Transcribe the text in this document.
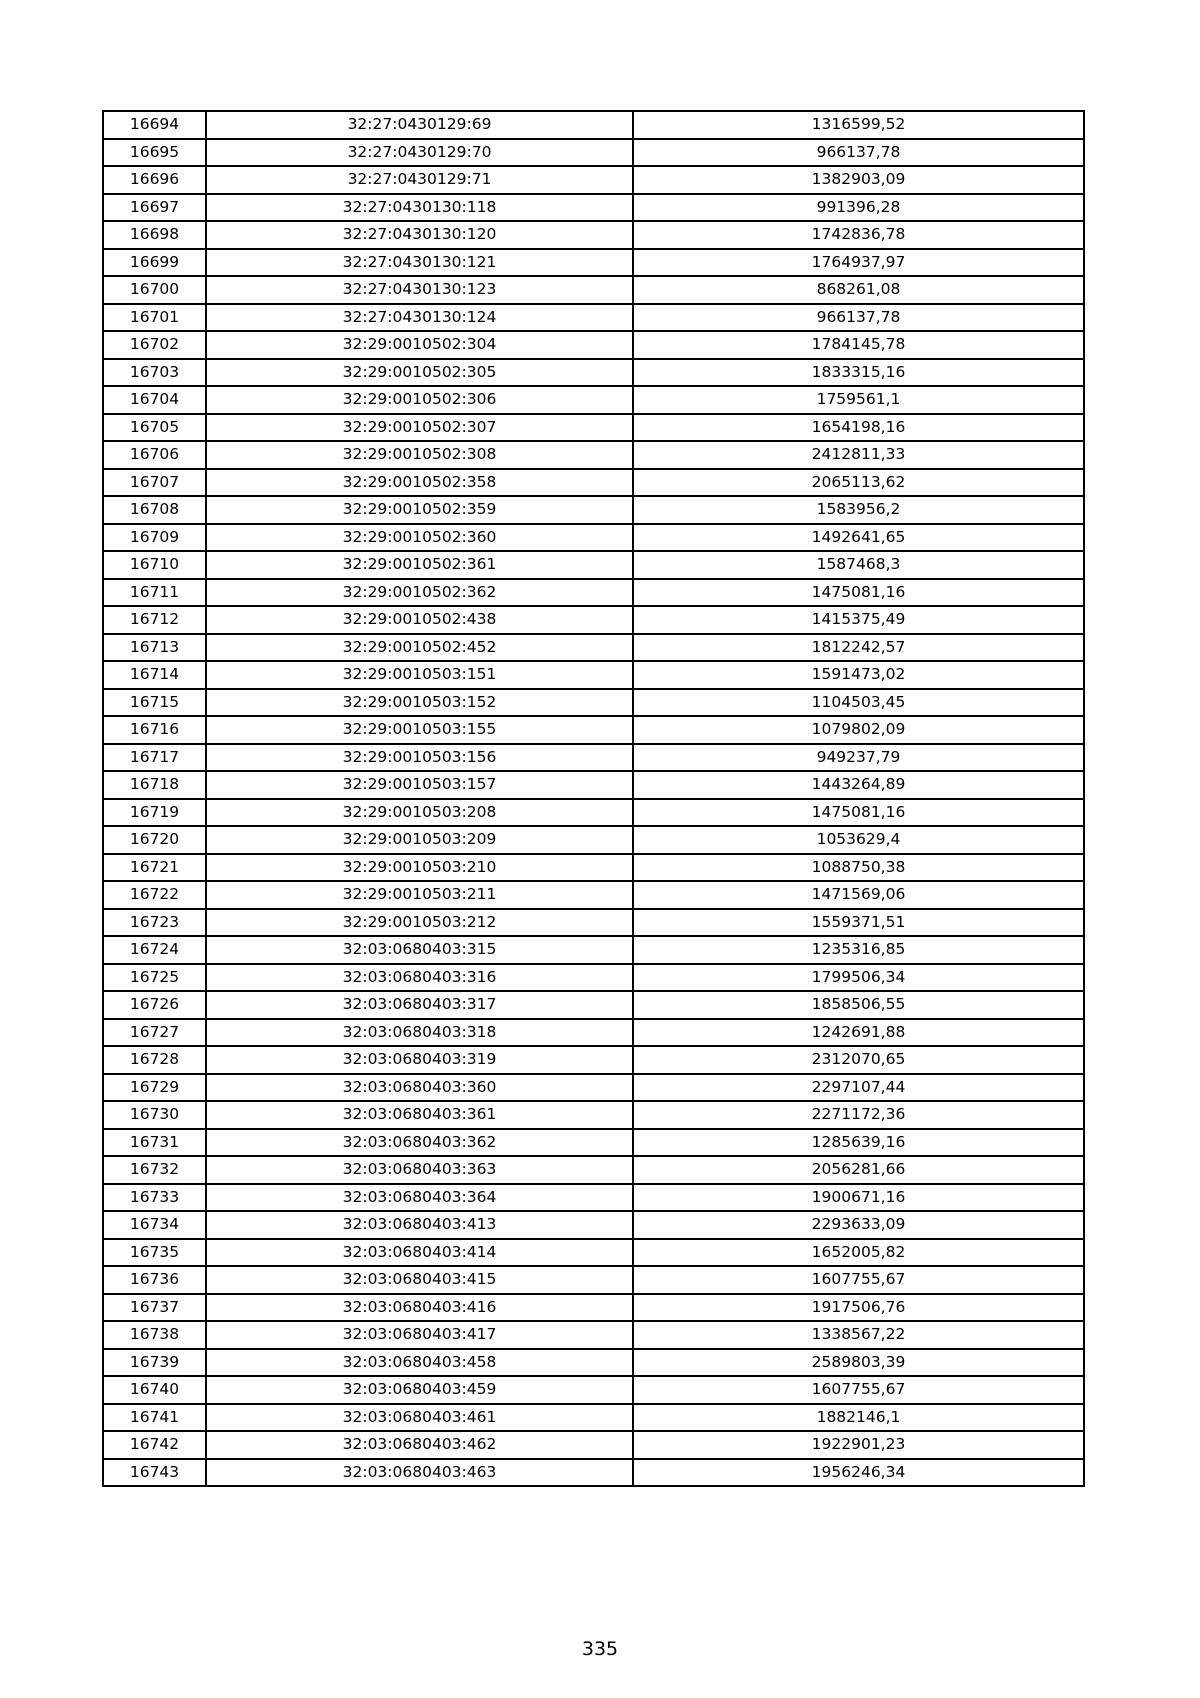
16694	32:27:0430129:69	1316599,52
16695	32:27:0430129:70	966137,78
16696	32:27:0430129:71	1382903,09
16697	32:27:0430130:118	991396,28
16698	32:27:0430130:120	1742836,78
16699	32:27:0430130:121	1764937,97
16700	32:27:0430130:123	868261,08
16701	32:27:0430130:124	966137,78
16702	32:29:0010502:304	1784145,78
16703	32:29:0010502:305	1833315,16
16704	32:29:0010502:306	1759561,1
16705	32:29:0010502:307	1654198,16
16706	32:29:0010502:308	2412811,33
16707	32:29:0010502:358	2065113,62
16708	32:29:0010502:359	1583956,2
16709	32:29:0010502:360	1492641,65
16710	32:29:0010502:361	1587468,3
16711	32:29:0010502:362	1475081,16
16712	32:29:0010502:438	1415375,49
16713	32:29:0010502:452	1812242,57
16714	32:29:0010503:151	1591473,02
16715	32:29:0010503:152	1104503,45
16716	32:29:0010503:155	1079802,09
16717	32:29:0010503:156	949237,79
16718	32:29:0010503:157	1443264,89
16719	32:29:0010503:208	1475081,16
16720	32:29:0010503:209	1053629,4
16721	32:29:0010503:210	1088750,38
16722	32:29:0010503:211	1471569,06
16723	32:29:0010503:212	1559371,51
16724	32:03:0680403:315	1235316,85
16725	32:03:0680403:316	1799506,34
16726	32:03:0680403:317	1858506,55
16727	32:03:0680403:318	1242691,88
16728	32:03:0680403:319	2312070,65
16729	32:03:0680403:360	2297107,44
16730	32:03:0680403:361	2271172,36
16731	32:03:0680403:362	1285639,16
16732	32:03:0680403:363	2056281,66
16733	32:03:0680403:364	1900671,16
16734	32:03:0680403:413	2293633,09
16735	32:03:0680403:414	1652005,82
16736	32:03:0680403:415	1607755,67
16737	32:03:0680403:416	1917506,76
16738	32:03:0680403:417	1338567,22
16739	32:03:0680403:458	2589803,39
16740	32:03:0680403:459	1607755,67
16741	32:03:0680403:461	1882146,1
16742	32:03:0680403:462	1922901,23
16743	32:03:0680403:463	1956246,34
335
